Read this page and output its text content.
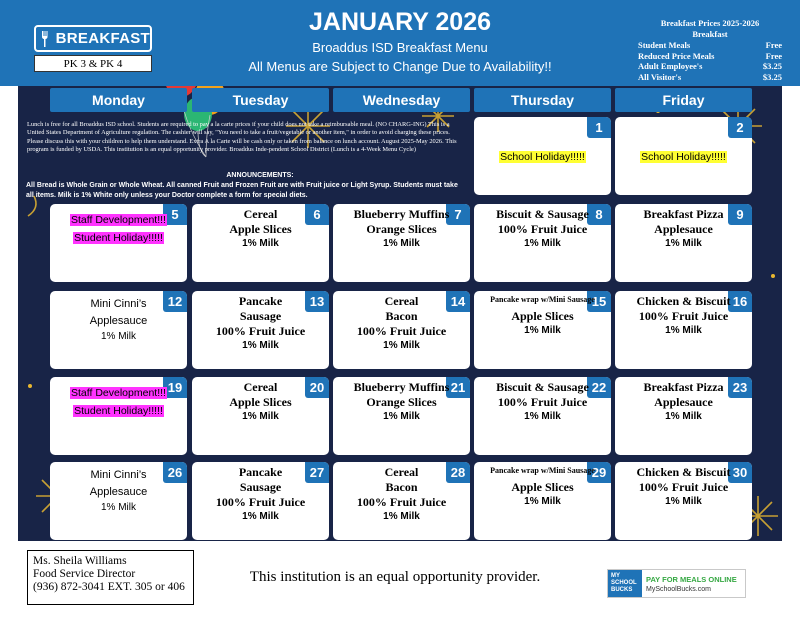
BREAKFAST
JANUARY 2026
Broaddus ISD Breakfast Menu
All Menus are Subject to Change Due to Availability!!
Breakfast Prices 2025-2026
Breakfast
Student Meals	Free
Reduced Price Meals	Free
Adult Employee's	$3.25
All Visitor's	$3.25
PK 3 & PK 4
Monday	Tuesday	Wednesday	Thursday	Friday
Lunch is free for all Broaddus ISD school. Students are required to pay a la carte prices if your child does not take a reimbursable meal. (NO CHARG-ING) This is a United States Department of Agriculture regulation. The cashier will say, "You need to take a fruit/vegetable or another item," in order to avoid charging these prices. Please discuss this with your children to help them understand. Extra A la Carte will be cash only or taken from balance on lunch account. August 2025-May 2026. This program is funded by USDA. This institution is an equal opportunity provider. Broaddus Inde-pendent School District (Lunch is a 4-Week Menu Cycle)
ANNOUNCEMENTS:
All Bread is Whole Grain or Whole Wheat. All canned Fruit and Frozen Fruit are with Fruit juice or Light Syrup. Students must take all items. Milk is 1% White only unless your Doctor complete a form for special diets.
1
School Holiday!!!!!
2
School Holiday!!!!!
5
Staff Development!!!
Student Holiday!!!!!
6
Cereal
Apple Slices
1% Milk
7
Blueberry Muffins
Orange Slices
1% Milk
8
Biscuit & Sausage
100% Fruit Juice
1% Milk
9
Breakfast Pizza
Applesauce
1% Milk
12
Mini Cinni’s
Applesauce
1% Milk
13
Pancake
Sausage
100% Fruit Juice
1% Milk
14
Cereal
Bacon
100% Fruit Juice
1% Milk
15
Pancake wrap w/Mini Sausage
Apple Slices
1% Milk
16
Chicken & Biscuit
100% Fruit Juice
1% Milk
19
Staff Development!!!
Student Holiday!!!!!
20
Cereal
Apple Slices
1% Milk
21
Blueberry Muffins
Orange Slices
1% Milk
22
Biscuit & Sausage
100% Fruit Juice
1% Milk
23
Breakfast Pizza
Applesauce
1% Milk
26
Mini Cinni’s
Applesauce
1% Milk
27
Pancake
Sausage
100% Fruit Juice
1% Milk
28
Cereal
Bacon
100% Fruit Juice
1% Milk
29
Pancake wrap w/Mini Sausage
Apple Slices
1% Milk
30
Chicken & Biscuit
100% Fruit Juice
1% Milk
Ms. Sheila Williams
Food Service Director
(936) 872-3041 EXT. 305 or 406
This institution is an equal opportunity provider.	MY
SCHOOL
BUCKS
PAY FOR MEALS ONLINE
MySchoolBucks.com
